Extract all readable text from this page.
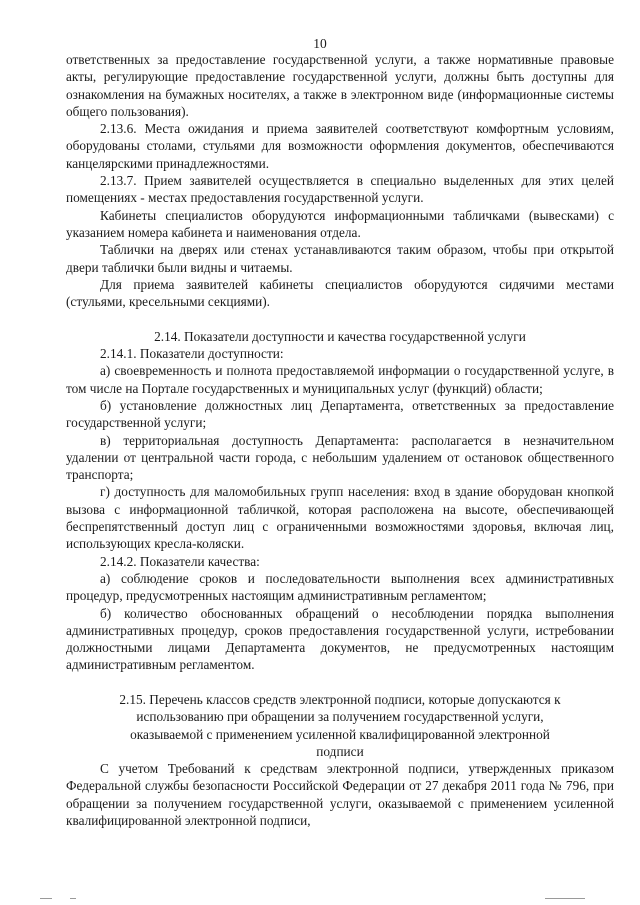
10

ответственных за предоставление государственной услуги, а также нормативные правовые акты, регулирующие предоставление государственной услуги, должны быть доступны для ознакомления на бумажных носителях, а также в электронном виде (информационные системы общего пользования).

2.13.6. Места ожидания и приема заявителей соответствуют комфортным условиям, оборудованы столами, стульями для возможности оформления документов, обеспечиваются канцелярскими принадлежностями.

2.13.7. Прием заявителей осуществляется в специально выделенных для этих целей помещениях - местах предоставления государственной услуги.

Кабинеты специалистов оборудуются информационными табличками (вывесками) с указанием номера кабинета и наименования отдела.

Таблички на дверях или стенах устанавливаются таким образом, чтобы при открытой двери таблички были видны и читаемы.

Для приема заявителей кабинеты специалистов оборудуются сидячими местами (стульями, кресельными секциями).

2.14. Показатели доступности и качества государственной услуги

2.14.1. Показатели доступности:

а) своевременность и полнота предоставляемой информации о государственной услуге, в том числе на Портале государственных и муниципальных услуг (функций) области;

б) установление должностных лиц Департамента, ответственных за предоставление государственной услуги;

в) территориальная доступность Департамента: располагается в незначительном удалении от центральной части города, с небольшим удалением от остановок общественного транспорта;

г) доступность для маломобильных групп населения: вход в здание оборудован кнопкой вызова с информационной табличкой, которая расположена на высоте, обеспечивающей беспрепятственный доступ лиц с ограниченными возможностями здоровья, включая лиц, использующих кресла-коляски.

2.14.2. Показатели качества:

а) соблюдение сроков и последовательности выполнения всех административных процедур, предусмотренных настоящим административным регламентом;

б) количество обоснованных обращений о несоблюдении порядка выполнения административных процедур, сроков предоставления государственной услуги, истребовании должностными лицами Департамента документов, не предусмотренных настоящим административным регламентом.

2.15. Перечень классов средств электронной подписи, которые допускаются к использованию при обращении за получением государственной услуги, оказываемой с применением усиленной квалифицированной электронной подписи

С учетом Требований к средствам электронной подписи, утвержденных приказом Федеральной службы безопасности Российской Федерации от 27 декабря 2011 года № 796, при обращении за получением государственной услуги, оказываемой с применением усиленной квалифицированной электронной подписи,
